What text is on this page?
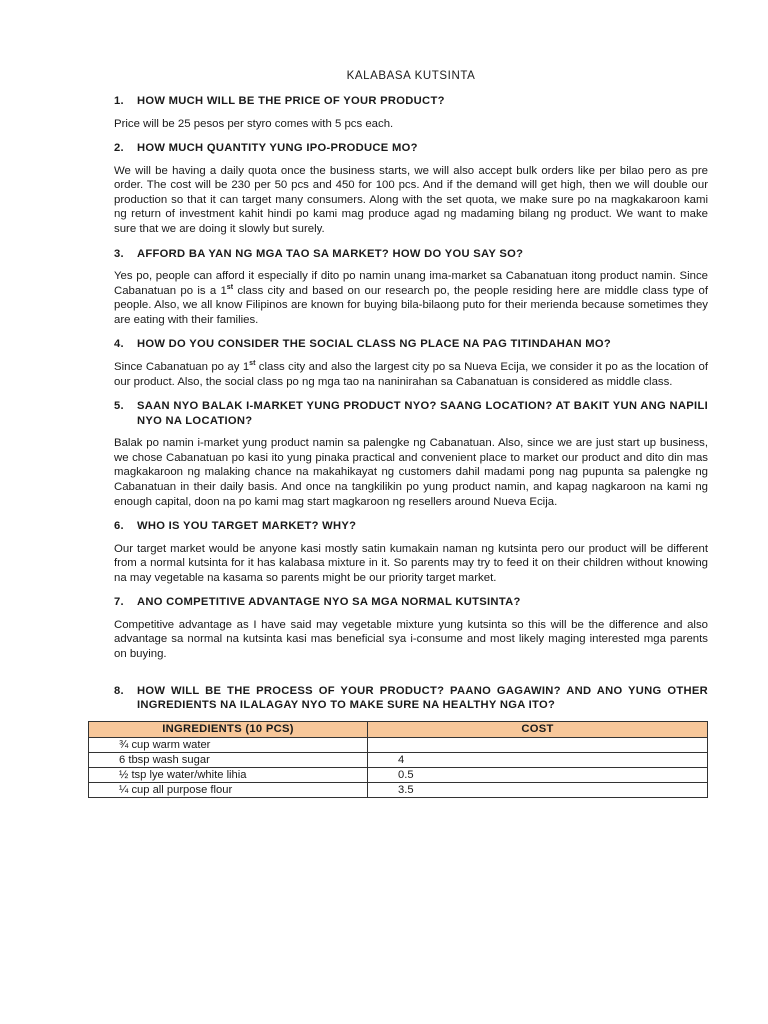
KALABASA KUTSINTA
1.	HOW MUCH WILL BE THE PRICE OF YOUR PRODUCT?

Price will be 25 pesos per styro comes with 5 pcs each.

2.	HOW MUCH QUANTITY YUNG IPO-PRODUCE MO?

We will be having a daily quota once the business starts, we will also accept bulk orders like per bilao pero as pre order. The cost will be 230 per 50 pcs and 450 for 100 pcs. And if the demand will get high, then we will double our production so that it can target many consumers. Along with the set quota, we make sure po na magkakaroon kami ng return of investment kahit hindi po kami mag produce agad ng madaming bilang ng product. We want to make sure that we are doing it slowly but surely.

3.	AFFORD BA YAN NG MGA TAO SA MARKET? HOW DO YOU SAY SO?

Yes po, people can afford it especially if dito po namin unang ima-market sa Cabanatuan itong product namin. Since Cabanatuan po is a 1st class city and based on our research po, the people residing here are middle class type of people. Also, we all know Filipinos are known for buying bila-bilaong puto for their merienda because sometimes they are eating with their families.

4.	HOW DO YOU CONSIDER THE SOCIAL CLASS NG PLACE NA PAG TITINDAHAN MO?

Since Cabanatuan po ay 1st class city and also the largest city po sa Nueva Ecija, we consider it po as the location of our product. Also, the social class po ng mga tao na naninirahan sa Cabanatuan is considered as middle class.

5.	SAAN NYO BALAK I-MARKET YUNG PRODUCT NYO? SAANG LOCATION? AT BAKIT YUN ANG NAPILI NYO NA LOCATION?

Balak po namin i-market yung product namin sa palengke ng Cabanatuan. Also, since we are just start up business, we chose Cabanatuan po kasi ito yung pinaka practical and convenient place to market our product and dito din mas magkakaroon ng malaking chance na makahikayat ng customers dahil madami pong nag pupunta sa palengke ng Cabanatuan in their daily basis. And once na tangkilikin po yung product namin, and kapag nagkaroon na kami ng enough capital, doon na po kami mag start magkaroon ng resellers around Nueva Ecija.

6.	WHO IS YOU TARGET MARKET? WHY?

Our target market would be anyone kasi mostly satin kumakain naman ng kutsinta pero our product will be different from a normal kutsinta for it has kalabasa mixture in it. So parents may try to feed it on their children without knowing na may vegetable na kasama so parents might be our priority target market.

7.	ANO COMPETITIVE ADVANTAGE NYO SA MGA NORMAL KUTSINTA?

Competitive advantage as I have said may vegetable mixture yung kutsinta so this will be the difference and also advantage sa normal na kutsinta kasi mas beneficial sya i-consume and most likely maging interested mga parents on buying.

8.	HOW WILL BE THE PROCESS OF YOUR PRODUCT? PAANO GAGAWIN? AND ANO YUNG OTHER INGREDIENTS NA ILALAGAY NYO TO MAKE SURE NA HEALTHY NGA ITO?
INGREDIENTS (10 PCS)	COST
¾ cup warm water	
6 tbsp wash sugar	4
½ tsp lye water/white lihia	0.5
¼ cup all purpose flour	3.5
